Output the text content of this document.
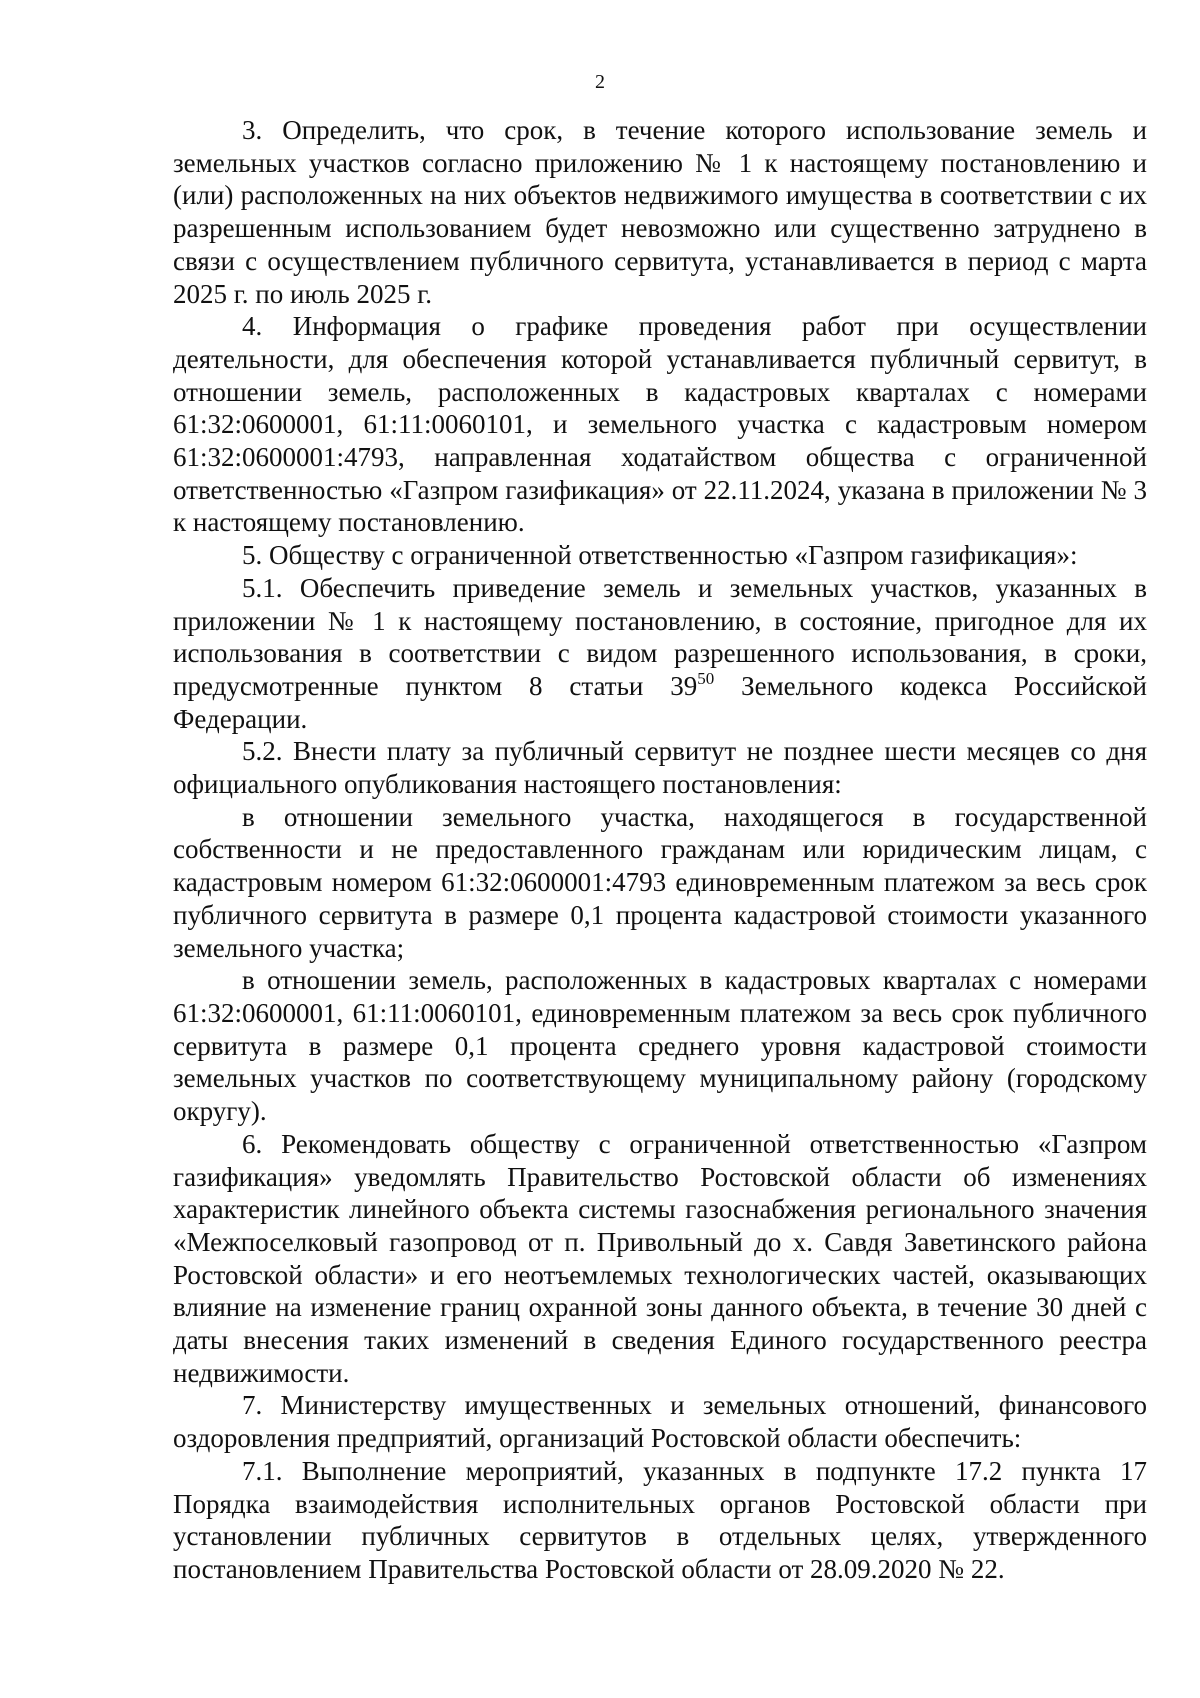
2

3. Определить, что срок, в течение которого использование земель и земельных участков согласно приложению № 1 к настоящему постановлению и (или) расположенных на них объектов недвижимого имущества в соответствии с их разрешенным использованием будет невозможно или существенно затруднено в связи с осуществлением публичного сервитута, устанавливается в период с марта 2025 г. по июль 2025 г.

4. Информация о графике проведения работ при осуществлении деятельности, для обеспечения которой устанавливается публичный сервитут, в отношении земель, расположенных в кадастровых кварталах с номерами 61:32:0600001, 61:11:0060101, и земельного участка с кадастровым номером 61:32:0600001:4793, направленная ходатайством общества с ограниченной ответственностью «Газпром газификация» от 22.11.2024, указана в приложении № 3 к настоящему постановлению.

5. Обществу с ограниченной ответственностью «Газпром газификация»:

5.1. Обеспечить приведение земель и земельных участков, указанных в приложении № 1 к настоящему постановлению, в состояние, пригодное для их использования в соответствии с видом разрешенного использования, в сроки, предусмотренные пунктом 8 статьи $39^{50}$ Земельного кодекса Российской Федерации.

5.2. Внести плату за публичный сервитут не позднее шести месяцев со дня официального опубликования настоящего постановления:

в отношении земельного участка, находящегося в государственной собственности и не предоставленного гражданам или юридическим лицам, с кадастровым номером 61:32:0600001:4793 единовременным платежом за весь срок публичного сервитута в размере 0,1 процента кадастровой стоимости указанного земельного участка;

в отношении земель, расположенных в кадастровых кварталах с номерами 61:32:0600001, 61:11:0060101, единовременным платежом за весь срок публичного сервитута в размере 0,1 процента среднего уровня кадастровой стоимости земельных участков по соответствующему муниципальному району (городскому округу).

6. Рекомендовать обществу с ограниченной ответственностью «Газпром газификация» уведомлять Правительство Ростовской области об изменениях характеристик линейного объекта системы газоснабжения регионального значения «Межпоселковый газопровод от п. Привольный до х. Савдя Заветинского района Ростовской области» и его неотъемлемых технологических частей, оказывающих влияние на изменение границ охранной зоны данного объекта, в течение 30 дней с даты внесения таких изменений в сведения Единого государственного реестра недвижимости.

7. Министерству имущественных и земельных отношений, финансового оздоровления предприятий, организаций Ростовской области обеспечить:

7.1. Выполнение мероприятий, указанных в подпункте 17.2 пункта 17 Порядка взаимодействия исполнительных органов Ростовской области при установлении публичных сервитутов в отдельных целях, утвержденного постановлением Правительства Ростовской области от 28.09.2020 № 22.
